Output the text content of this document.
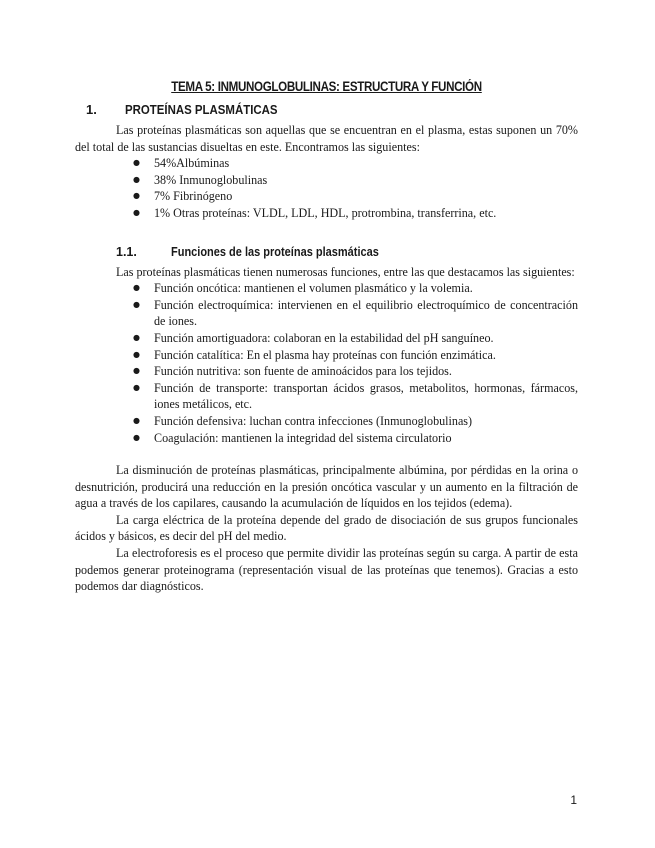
TEMA 5: INMUNOGLOBULINAS: ESTRUCTURA Y FUNCIÓN
1.	PROTEÍNAS PLASMÁTICAS

Las proteínas plasmáticas son aquellas que se encuentran en el plasma, estas suponen un 70% del total de las sustancias disueltas en este. Encontramos las siguientes:

● 54%Albúminas
● 38% Inmunoglobulinas
● 7% Fibrinógeno
● 1% Otras proteínas: VLDL, LDL, HDL, protrombina, transferrina, etc.
1.1.	Funciones de las proteínas plasmáticas

Las proteínas plasmáticas tienen numerosas funciones, entre las que destacamos las siguientes:

● Función oncótica: mantienen el volumen plasmático y la volemia.
● Función electroquímica: intervienen en el equilibrio electroquímico de concentración de iones.
● Función amortiguadora: colaboran en la estabilidad del pH sanguíneo.
● Función catalítica: En el plasma hay proteínas con función enzimática.
● Función nutritiva: son fuente de aminoácidos para los tejidos.
● Función de transporte: transportan ácidos grasos, metabolitos, hormonas, fármacos, iones metálicos, etc.
● Función defensiva: luchan contra infecciones (Inmunoglobulinas)
● Coagulación: mantienen la integridad del sistema circulatorio

La disminución de proteínas plasmáticas, principalmente albúmina, por pérdidas en la orina o desnutrición, producirá una reducción en la presión oncótica vascular y un aumento en la filtración de agua a través de los capilares, causando la acumulación de líquidos en los tejidos (edema).

La carga eléctrica de la proteína depende del grado de disociación de sus grupos funcionales ácidos y básicos, es decir del pH del medio.

La electroforesis es el proceso que permite dividir las proteínas según su carga. A partir de esta podemos generar proteinograma (representación visual de las proteínas que tenemos). Gracias a esto podemos dar diagnósticos.

1
